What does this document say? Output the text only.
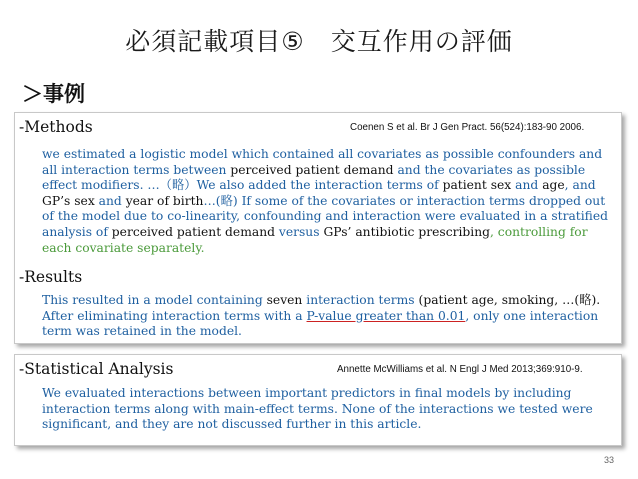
必須記載項目⑤　交互作用の評価
＞事例
-Methods	Coenen S et al. Br J Gen Pract. 56(524):183-90 2006.
we estimated a logistic model which contained all covariates as possible confounders and all interaction terms between perceived patient demand and the covariates as possible effect modifiers. …（略）We also added the interaction terms of patient sex and age, and GP’s sex and year of birth…(略) If some of the covariates or interaction terms dropped out of the model due to co-linearity, confounding and interaction were evaluated in a stratified analysis of perceived patient demand versus GPs’ antibiotic prescribing, controlling for each covariate separately.
-Results
This resulted in a model containing seven interaction terms (patient age, smoking, …(略). After eliminating interaction terms with a P-value greater than 0.01, only one interaction term was retained in the model.
-Statistical Analysis	Annette McWilliams et al. N Engl J Med 2013;369:910-9.
We evaluated interactions between important predictors in final models by including interaction terms along with main-effect terms. None of the interactions we tested were significant, and they are not discussed further in this article.
33
